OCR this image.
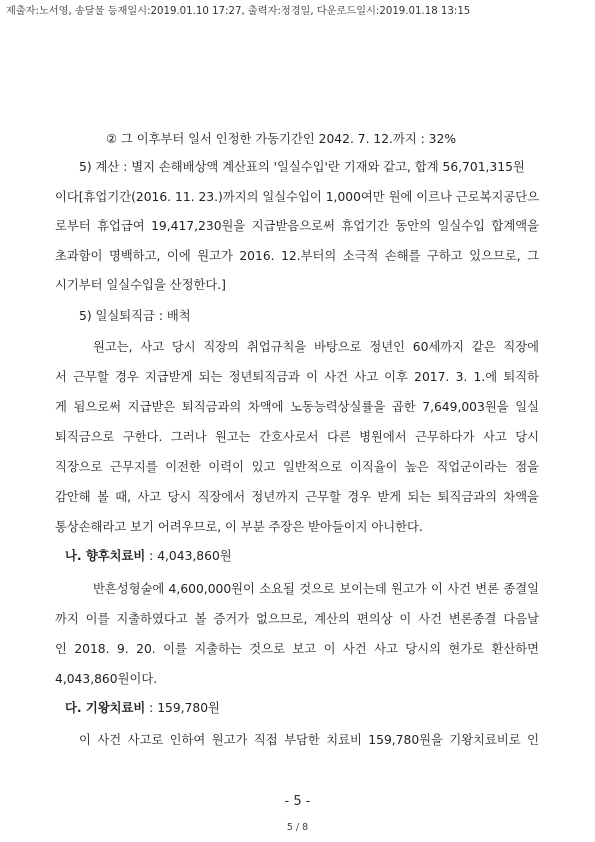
제출자:노서영, 송달물 등재일시:2019.01.10 17:27, 출력자:정경일, 다운로드일시:2019.01.18 13:15
② 그 이후부터 일서 인정한 가동기간인 2042. 7. 12.까지 : 32%
5) 계산 : 별지 손해배상액 계산표의 '일실수입'란 기재와 같고, 합계 56,701,315원
이다[휴업기간(2016. 11. 23.)까지의 일실수입이 1,000여만 원에 이르나 근로복지공단으
로부터 휴업급여 19,417,230원을 지급받음으로써 휴업기간 동안의 일실수입 합계액을
초과함이 명백하고, 이에 원고가 2016. 12.부터의 소극적 손해를 구하고 있으므로, 그
시기부터 일실수입을 산정한다.]
5) 일실퇴직금 : 배척
원고는, 사고 당시 직장의 취업규칙을 바탕으로 정년인 60세까지 같은 직장에
서 근무할 경우 지급받게 되는 정년퇴직금과 이 사건 사고 이후 2017. 3. 1.에 퇴직하
게 됨으로써 지급받은 퇴직금과의 차액에 노동능력상실률을 곱한 7,649,003원을 일실
퇴직금으로 구한다. 그러나 원고는 간호사로서 다른 병원에서 근무하다가 사고 당시
직장으로 근무지를 이전한 이력이 있고 일반적으로 이직율이 높은 직업군이라는 점을
감안해 볼 때, 사고 당시 직장에서 정년까지 근무할 경우 받게 되는 퇴직금과의 차액을
통상손해라고 보기 어려우므로, 이 부분 주장은 받아들이지 아니한다.
나. 향후치료비 : 4,043,860원
반흔성형술에 4,600,000원이 소요될 것으로 보이는데 원고가 이 사건 변론 종결일
까지 이를 지출하였다고 볼 증거가 없으므로, 계산의 편의상 이 사건 변론종결 다음날
인 2018. 9. 20. 이를 지출하는 것으로 보고 이 사건 사고 당시의 현가로 환산하면
4,043,860원이다.
다. 기왕치료비 : 159,780원
이 사건 사고로 인하여 원고가 직접 부담한 치료비 159,780원을 기왕치료비로 인
- 5 -
5 / 8
